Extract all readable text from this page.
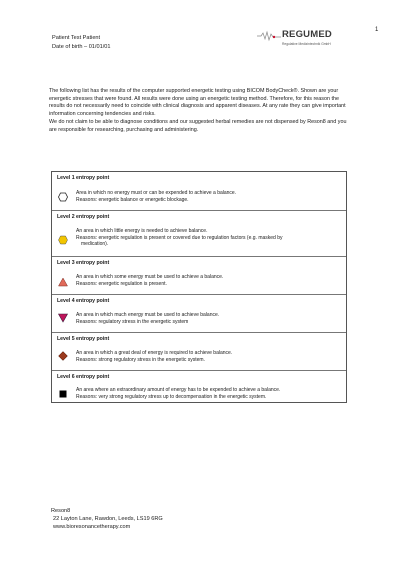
1
Patient Test Patient
Date of birth – 01/01/01
REGUMED
Regulative Medizintechnik GmbH

The following list has the results of the computer supported energetic testing using BICOM BodyCheck®. Shown are your energetic stresses that were found. All results were done using an energetic testing method. Therefore, for this reason the results do not necessarily need to coincide with clinical diagnosis and apparent diseases. At any rate they can give important information concerning tendencies and risks.

We do not claim to be able to diagnose conditions and our suggested herbal remedies are not dispensed by Reson8 and you are responsible for researching, purchasing and administering.

Level 1 entropy point
Area in which no energy must or can be expended to achieve a balance.
Reasons: energetic balance or energetic blockage.
Level 2 entropy point
An area in which little energy is needed to achieve balance.
Reasons: energetic regulation is present or covered due to regulation factors (e.g. masked by
medication).
Level 3 entropy point
An area in which some energy must be used to achieve a balance.
Reasons: energetic regulation is present.
Level 4 entropy point
An area in which much energy must be used to achieve balance.
Reasons: regulatory stress in the energetic system
Level 5 entropy point
An area in which a great deal of energy is required to achieve balance.
Reasons: strong regulatory stress in the energetic system.
Level 6 entropy point
An area where an extraordinary amount of energy has to be expended to achieve a balance.
Reasons: very strong regulatory stress up to decompensation in the energetic system.
Reson8
22 Layton Lane, Rawdon, Leeds, LS19 6RG
www.bioresonancetherapy.com
